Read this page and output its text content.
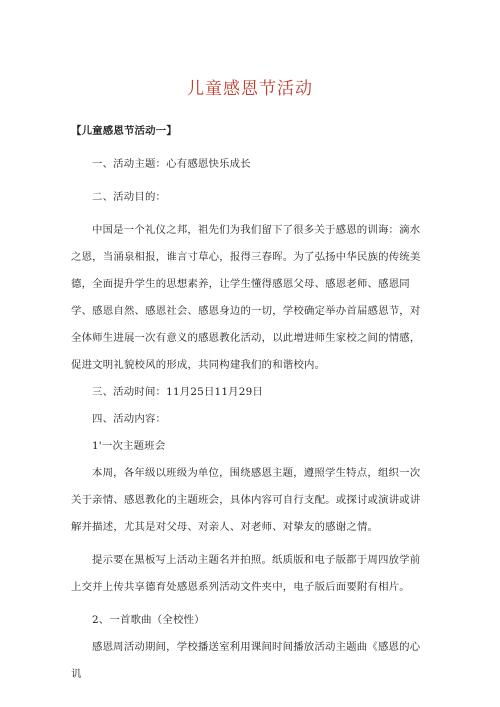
儿童感恩节活动

【儿童感恩节活动一】

一、活动主题：心有感恩快乐成长

二、活动目的：

中国是一个礼仪之邦，祖先们为我们留下了很多关于感恩的训诲：滴水之恩，当涌泉相报，谁言寸草心，报得三春晖。为了弘扬中华民族的传统美德，全面提升学生的思想素养，让学生懂得感恩父母、感恩老师、感恩同学、感恩自然、感恩社会、感恩身边的一切，学校确定举办首届感恩节，对全体师生进展一次有意义的感恩教化活动，以此增进师生家校之间的情感，促进文明礼貌校风的形成，共同构建我们的和谐校内。

三、活动时间：11月25日11月29日

四、活动内容：

1'一次主题班会

本周，各年级以班级为单位，围绕感恩主题，遵照学生特点，组织一次关于亲情、感恩教化的主题班会，具体内容可自行支配。或探讨或演讲或讲解并描述，尤其是对父母、对亲人、对老师、对挚友的感谢之情。

提示要在黑板写上活动主题名并拍照。纸质版和电子版都于周四放学前上交并上传共享德育处感恩系列活动文件夹中，电子版后面要附有相片。

2、一首歌曲（全校性）

感恩周活动期间，学校播送室利用课间时间播放活动主题曲《感恩的心讥
